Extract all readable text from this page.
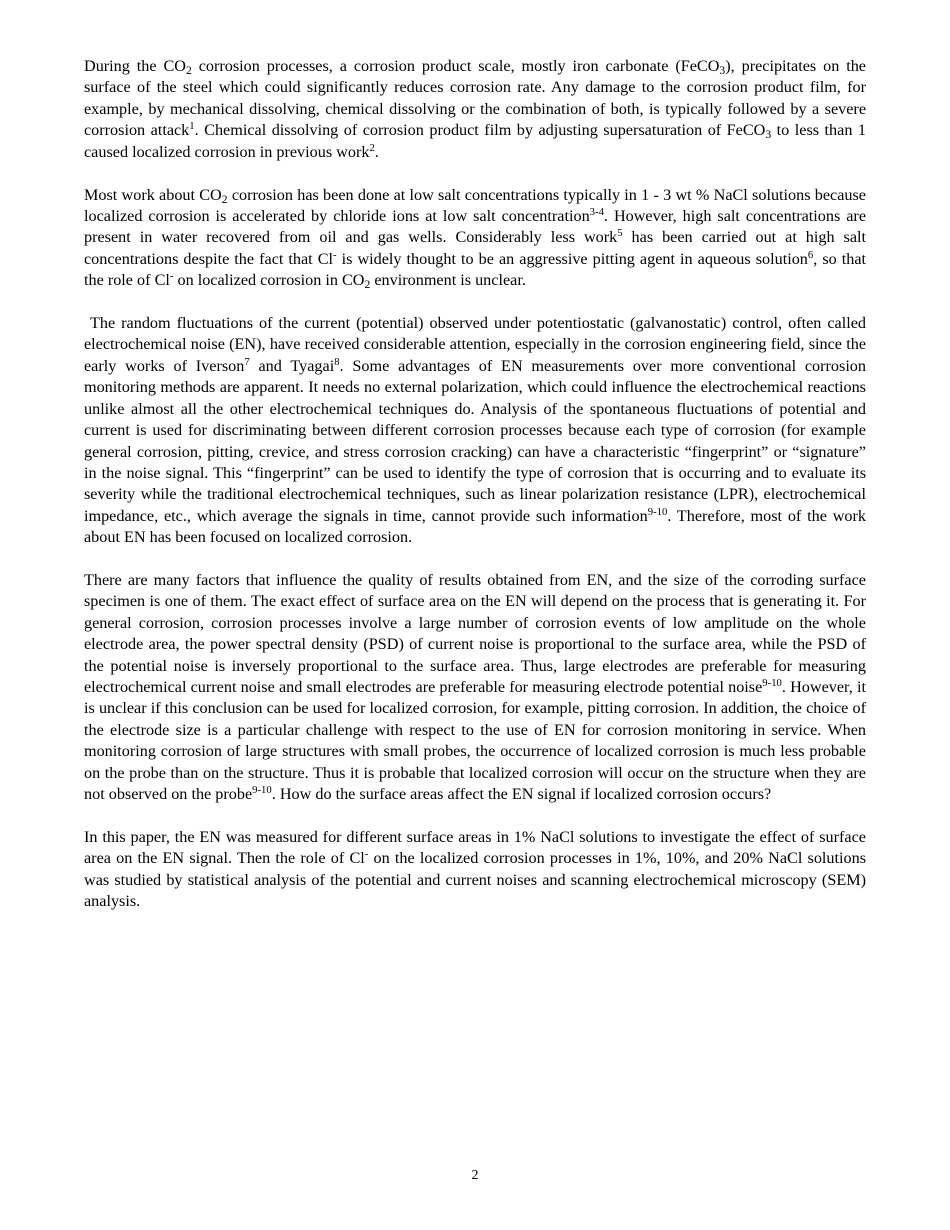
During the $CO_2$ corrosion processes, a corrosion product scale, mostly iron carbonate (FeCO$_3$), precipitates on the surface of the steel which could significantly reduces corrosion rate. Any damage to the corrosion product film, for example, by mechanical dissolving, chemical dissolving or the combination of both, is typically followed by a severe corrosion attack$^1$. Chemical dissolving of corrosion product film by adjusting supersaturation of FeCO$_3$ to less than 1 caused localized corrosion in previous work$^2$.

Most work about $CO_2$ corrosion has been done at low salt concentrations typically in 1 - 3 wt % NaCl solutions because localized corrosion is accelerated by chloride ions at low salt concentration$^{3-4}$. However, high salt concentrations are present in water recovered from oil and gas wells. Considerably less work$^5$ has been carried out at high salt concentrations despite the fact that Cl- is widely thought to be an aggressive pitting agent in aqueous solution$^6$, so that the role of Cl- on localized corrosion in $CO_2$ environment is unclear.

The random fluctuations of the current (potential) observed under potentiostatic (galvanostatic) control, often called electrochemical noise (EN), have received considerable attention, especially in the corrosion engineering field, since the early works of Iverson$^7$ and Tyagai$^8$. Some advantages of EN measurements over more conventional corrosion monitoring methods are apparent. It needs no external polarization, which could influence the electrochemical reactions unlike almost all the other electrochemical techniques do. Analysis of the spontaneous fluctuations of potential and current is used for discriminating between different corrosion processes because each type of corrosion (for example general corrosion, pitting, crevice, and stress corrosion cracking) can have a characteristic “fingerprint” or “signature” in the noise signal. This “fingerprint” can be used to identify the type of corrosion that is occurring and to evaluate its severity while the traditional electrochemical techniques, such as linear polarization resistance (LPR), electrochemical impedance, etc., which average the signals in time, cannot provide such information$^{9-10}$. Therefore, most of the work about EN has been focused on localized corrosion.

There are many factors that influence the quality of results obtained from EN, and the size of the corroding surface specimen is one of them. The exact effect of surface area on the EN will depend on the process that is generating it. For general corrosion, corrosion processes involve a large number of corrosion events of low amplitude on the whole electrode area, the power spectral density (PSD) of current noise is proportional to the surface area, while the PSD of the potential noise is inversely proportional to the surface area. Thus, large electrodes are preferable for measuring electrochemical current noise and small electrodes are preferable for measuring electrode potential noise$^{9-10}$. However, it is unclear if this conclusion can be used for localized corrosion, for example, pitting corrosion. In addition, the choice of the electrode size is a particular challenge with respect to the use of EN for corrosion monitoring in service. When monitoring corrosion of large structures with small probes, the occurrence of localized corrosion is much less probable on the probe than on the structure. Thus it is probable that localized corrosion will occur on the structure when they are not observed on the probe$^{9-10}$. How do the surface areas affect the EN signal if localized corrosion occurs?

In this paper, the EN was measured for different surface areas in 1% NaCl solutions to investigate the effect of surface area on the EN signal. Then the role of Cl- on the localized corrosion processes in 1%, 10%, and 20% NaCl solutions was studied by statistical analysis of the potential and current noises and scanning electrochemical microscopy (SEM) analysis.

2
